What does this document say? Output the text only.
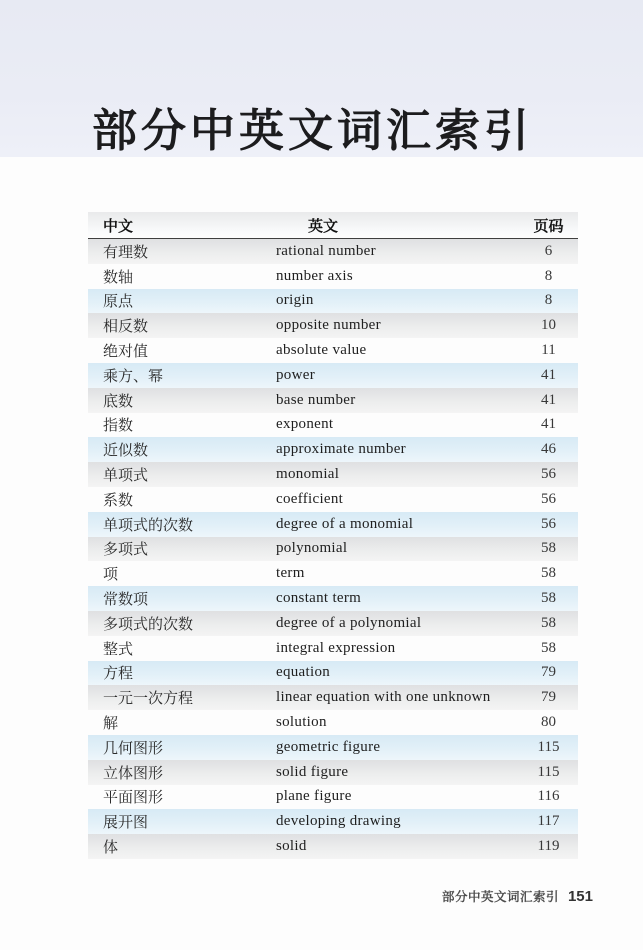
部分中英文词汇索引
中文	英文	页码
有理数	rational number	6
数轴	number axis	8
原点	origin	8
相反数	opposite number	10
绝对值	absolute value	11
乘方、幂	power	41
底数	base number	41
指数	exponent	41
近似数	approximate number	46
单项式	monomial	56
系数	coefficient	56
单项式的次数	degree of a monomial	56
多项式	polynomial	58
项	term	58
常数项	constant term	58
多项式的次数	degree of a polynomial	58
整式	integral expression	58
方程	equation	79
一元一次方程	linear equation with one unknown	79
解	solution	80
几何图形	geometric figure	115
立体图形	solid figure	115
平面图形	plane figure	116
展开图	developing drawing	117
体	solid	119
部分中英文词汇索引 151
